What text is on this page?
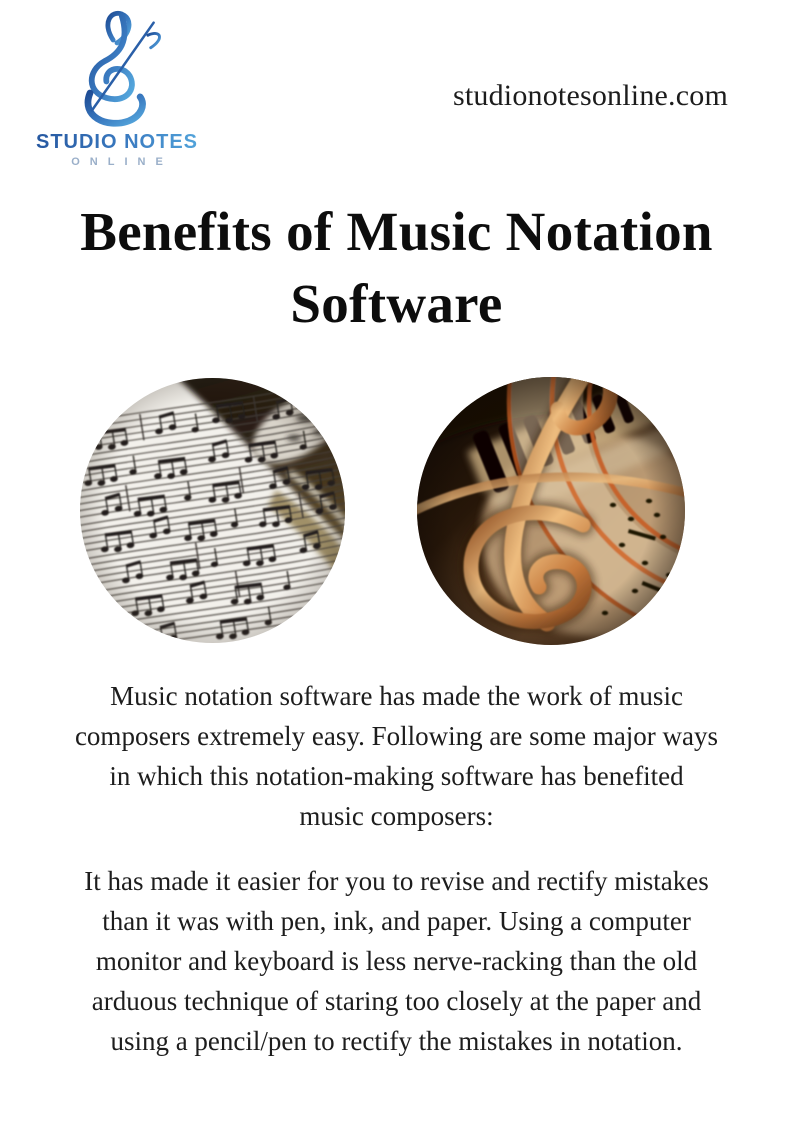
STUDIO NOTES
ONLINE
studionotesonline.com
Benefits of Music Notation
Software

Music notation software has made the work of music
composers extremely easy. Following are some major ways
in which this notation-making software has benefited
music composers:

It has made it easier for you to revise and rectify mistakes
than it was with pen, ink, and paper. Using a computer
monitor and keyboard is less nerve-racking than the old
arduous technique of staring too closely at the paper and
using a pencil/pen to rectify the mistakes in notation.
